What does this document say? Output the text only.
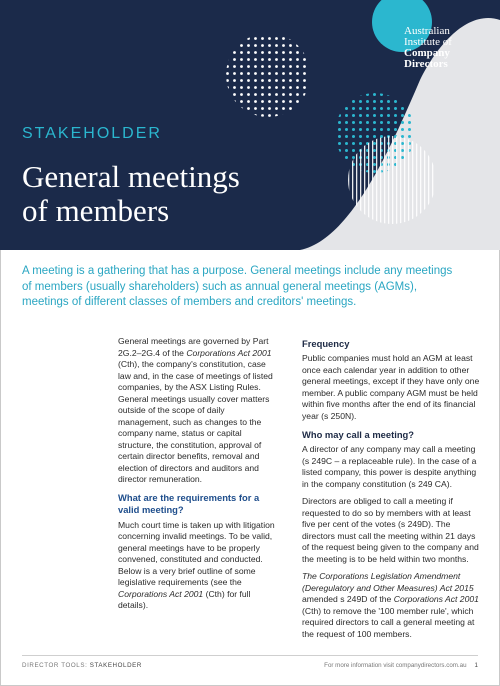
Australian
Institute of
Company
Directors
STAKEHOLDER
General meetings of members
A meeting is a gathering that has a purpose. General meetings include any meetings of members (usually shareholders) such as annual general meetings (AGMs), meetings of different classes of members and creditors' meetings.

General meetings are governed by Part 2G.2–2G.4 of the Corporations Act 2001 (Cth), the company's constitution, case law and, in the case of meetings of listed companies, by the ASX Listing Rules. General meetings usually cover matters outside of the scope of daily management, such as changes to the company name, status or capital structure, the constitution, approval of certain director benefits, removal and election of directors and auditors and director remuneration.

What are the requirements for a valid meeting?

Much court time is taken up with litigation concerning invalid meetings. To be valid, general meetings have to be properly convened, constituted and conducted. Below is a very brief outline of some legislative requirements (see the Corporations Act 2001 (Cth) for full details).

Frequency

Public companies must hold an AGM at least once each calendar year in addition to other general meetings, except if they have only one member. A public company AGM must be held within five months after the end of its financial year (s 250N).

Who may call a meeting?

A director of any company may call a meeting (s 249C – a replaceable rule). In the case of a listed company, this power is despite anything in the company constitution (s 249 CA).

Directors are obliged to call a meeting if requested to do so by members with at least five per cent of the votes (s 249D). The directors must call the meeting within 21 days of the request being given to the company and the meeting is to be held within two months.

The Corporations Legislation Amendment (Deregulatory and Other Measures) Act 2015 amended s 249D of the Corporations Act 2001 (Cth) to remove the '100 member rule', which required directors to call a general meeting at the request of 100 members.

DIRECTOR TOOLS: STAKEHOLDER	For more information visit companydirectors.com.au 1
